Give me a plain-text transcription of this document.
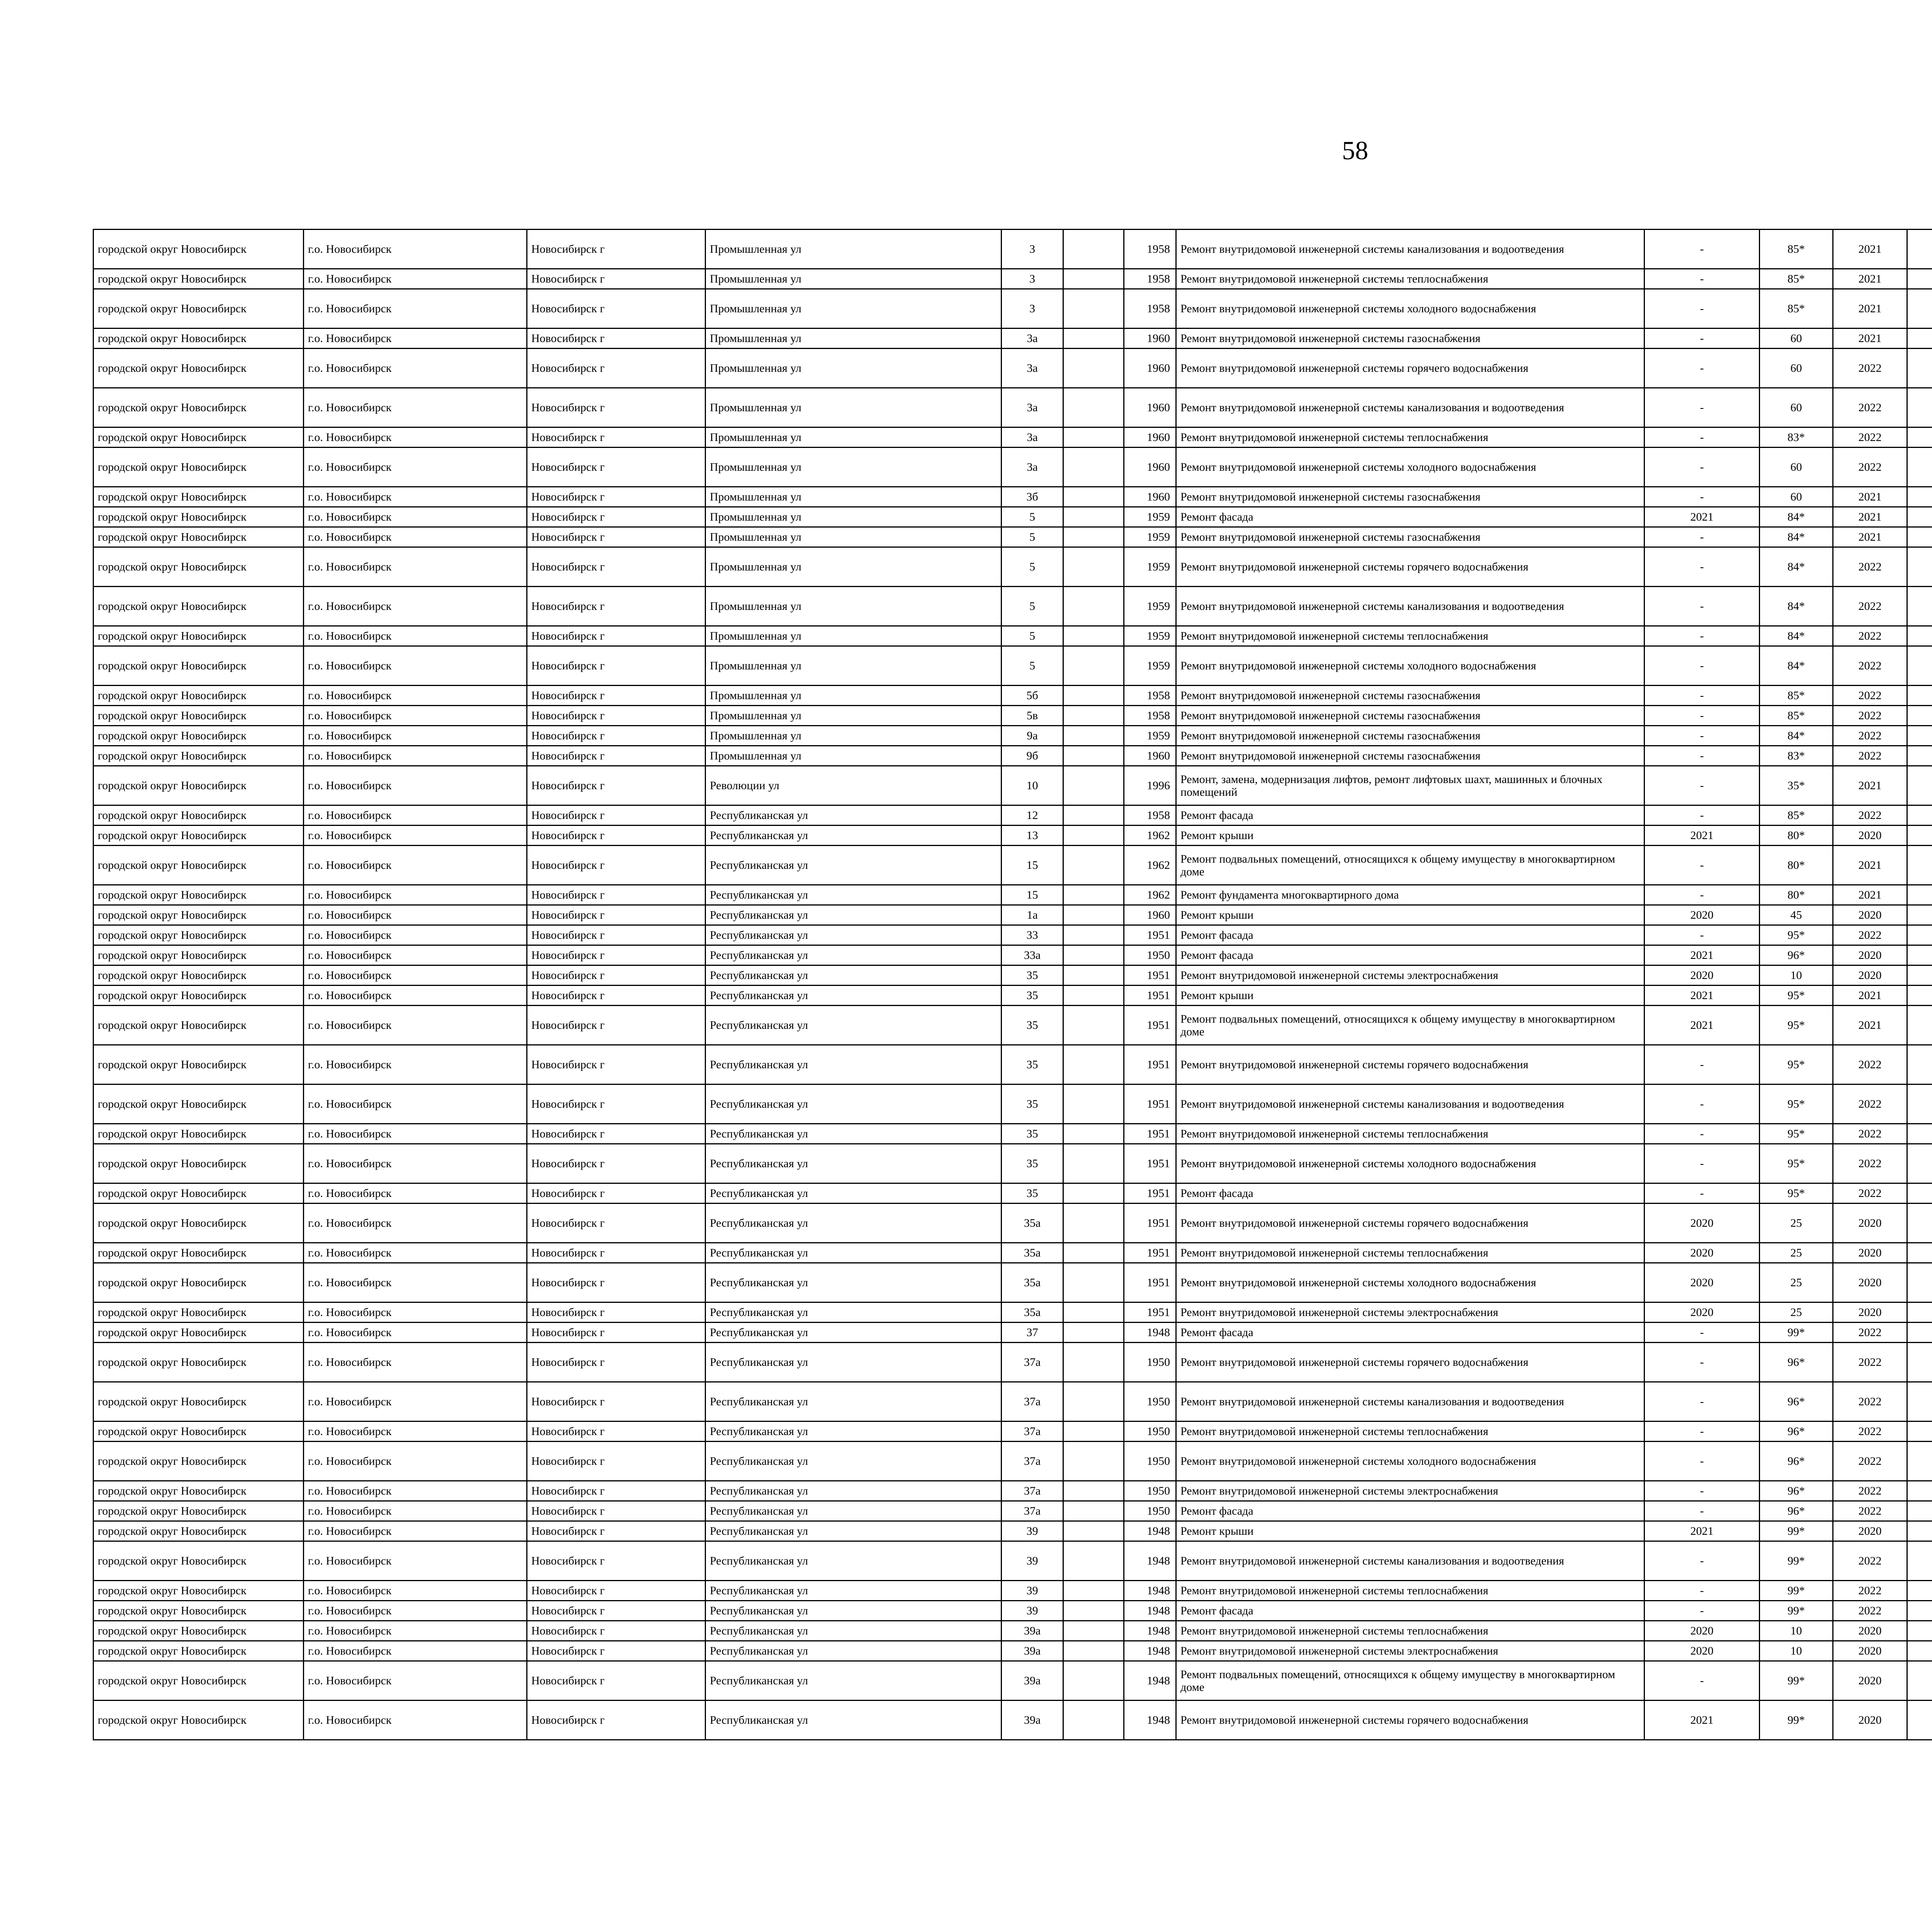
58
городской округ Новосибирск	г.о. Новосибирск	Новосибирск г	Промышленная ул	3		1958	Ремонт внутридомовой инженерной системы канализования и водоотведения	-	85*	2021						
городской округ Новосибирск	г.о. Новосибирск	Новосибирск г	Промышленная ул	3		1958	Ремонт внутридомовой инженерной системы теплоснабжения	-	85*	2021						
городской округ Новосибирск	г.о. Новосибирск	Новосибирск г	Промышленная ул	3		1958	Ремонт внутридомовой инженерной системы холодного водоснабжения	-	85*	2021						
городской округ Новосибирск	г.о. Новосибирск	Новосибирск г	Промышленная ул	3а		1960	Ремонт внутридомовой инженерной системы газоснабжения	-	60	2021						
городской округ Новосибирск	г.о. Новосибирск	Новосибирск г	Промышленная ул	3а		1960	Ремонт внутридомовой инженерной системы горячего водоснабжения	-	60	2022						
городской округ Новосибирск	г.о. Новосибирск	Новосибирск г	Промышленная ул	3а		1960	Ремонт внутридомовой инженерной системы канализования и водоотведения	-	60	2022						
городской округ Новосибирск	г.о. Новосибирск	Новосибирск г	Промышленная ул	3а		1960	Ремонт внутридомовой инженерной системы теплоснабжения	-	83*	2022						
городской округ Новосибирск	г.о. Новосибирск	Новосибирск г	Промышленная ул	3а		1960	Ремонт внутридомовой инженерной системы холодного водоснабжения	-	60	2022						
городской округ Новосибирск	г.о. Новосибирск	Новосибирск г	Промышленная ул	3б		1960	Ремонт внутридомовой инженерной системы газоснабжения	-	60	2021						
городской округ Новосибирск	г.о. Новосибирск	Новосибирск г	Промышленная ул	5		1959	Ремонт фасада	2021	84*	2021						
городской округ Новосибирск	г.о. Новосибирск	Новосибирск г	Промышленная ул	5		1959	Ремонт внутридомовой инженерной системы газоснабжения	-	84*	2021						
городской округ Новосибирск	г.о. Новосибирск	Новосибирск г	Промышленная ул	5		1959	Ремонт внутридомовой инженерной системы горячего водоснабжения	-	84*	2022						
городской округ Новосибирск	г.о. Новосибирск	Новосибирск г	Промышленная ул	5		1959	Ремонт внутридомовой инженерной системы канализования и водоотведения	-	84*	2022						
городской округ Новосибирск	г.о. Новосибирск	Новосибирск г	Промышленная ул	5		1959	Ремонт внутридомовой инженерной системы теплоснабжения	-	84*	2022						
городской округ Новосибирск	г.о. Новосибирск	Новосибирск г	Промышленная ул	5		1959	Ремонт внутридомовой инженерной системы холодного водоснабжения	-	84*	2022						
городской округ Новосибирск	г.о. Новосибирск	Новосибирск г	Промышленная ул	5б		1958	Ремонт внутридомовой инженерной системы газоснабжения	-	85*	2022						
городской округ Новосибирск	г.о. Новосибирск	Новосибирск г	Промышленная ул	5в		1958	Ремонт внутридомовой инженерной системы газоснабжения	-	85*	2022						
городской округ Новосибирск	г.о. Новосибирск	Новосибирск г	Промышленная ул	9а		1959	Ремонт внутридомовой инженерной системы газоснабжения	-	84*	2022						
городской округ Новосибирск	г.о. Новосибирск	Новосибирск г	Промышленная ул	9б		1960	Ремонт внутридомовой инженерной системы газоснабжения	-	83*	2022						
городской округ Новосибирск	г.о. Новосибирск	Новосибирск г	Революции ул	10		1996	Ремонт, замена, модернизация лифтов, ремонт лифтовых шахт, машинных и блочных помещений	-	35*	2021						
городской округ Новосибирск	г.о. Новосибирск	Новосибирск г	Республиканская ул	12		1958	Ремонт фасада	-	85*	2022						
городской округ Новосибирск	г.о. Новосибирск	Новосибирск г	Республиканская ул	13		1962	Ремонт крыши	2021	80*	2020						
городской округ Новосибирск	г.о. Новосибирск	Новосибирск г	Республиканская ул	15		1962	Ремонт подвальных помещений, относящихся к общему имуществу в многоквартирном доме	-	80*	2021						
городской округ Новосибирск	г.о. Новосибирск	Новосибирск г	Республиканская ул	15		1962	Ремонт фундамента многоквартирного дома	-	80*	2021						
городской округ Новосибирск	г.о. Новосибирск	Новосибирск г	Республиканская ул	1а		1960	Ремонт крыши	2020	45	2020						
городской округ Новосибирск	г.о. Новосибирск	Новосибирск г	Республиканская ул	33		1951	Ремонт фасада	-	95*	2022						
городской округ Новосибирск	г.о. Новосибирск	Новосибирск г	Республиканская ул	33а		1950	Ремонт фасада	2021	96*	2020						
городской округ Новосибирск	г.о. Новосибирск	Новосибирск г	Республиканская ул	35		1951	Ремонт внутридомовой инженерной системы электроснабжения	2020	10	2020						
городской округ Новосибирск	г.о. Новосибирск	Новосибирск г	Республиканская ул	35		1951	Ремонт крыши	2021	95*	2021						
городской округ Новосибирск	г.о. Новосибирск	Новосибирск г	Республиканская ул	35		1951	Ремонт подвальных помещений, относящихся к общему имуществу в многоквартирном доме	2021	95*	2021						
городской округ Новосибирск	г.о. Новосибирск	Новосибирск г	Республиканская ул	35		1951	Ремонт внутридомовой инженерной системы горячего водоснабжения	-	95*	2022						
городской округ Новосибирск	г.о. Новосибирск	Новосибирск г	Республиканская ул	35		1951	Ремонт внутридомовой инженерной системы канализования и водоотведения	-	95*	2022						
городской округ Новосибирск	г.о. Новосибирск	Новосибирск г	Республиканская ул	35		1951	Ремонт внутридомовой инженерной системы теплоснабжения	-	95*	2022						
городской округ Новосибирск	г.о. Новосибирск	Новосибирск г	Республиканская ул	35		1951	Ремонт внутридомовой инженерной системы холодного водоснабжения	-	95*	2022						
городской округ Новосибирск	г.о. Новосибирск	Новосибирск г	Республиканская ул	35		1951	Ремонт фасада	-	95*	2022						
городской округ Новосибирск	г.о. Новосибирск	Новосибирск г	Республиканская ул	35а		1951	Ремонт внутридомовой инженерной системы горячего водоснабжения	2020	25	2020						
городской округ Новосибирск	г.о. Новосибирск	Новосибирск г	Республиканская ул	35а		1951	Ремонт внутридомовой инженерной системы теплоснабжения	2020	25	2020						
городской округ Новосибирск	г.о. Новосибирск	Новосибирск г	Республиканская ул	35а		1951	Ремонт внутридомовой инженерной системы холодного водоснабжения	2020	25	2020						
городской округ Новосибирск	г.о. Новосибирск	Новосибирск г	Республиканская ул	35а		1951	Ремонт внутридомовой инженерной системы электроснабжения	2020	25	2020						
городской округ Новосибирск	г.о. Новосибирск	Новосибирск г	Республиканская ул	37		1948	Ремонт фасада	-	99*	2022						
городской округ Новосибирск	г.о. Новосибирск	Новосибирск г	Республиканская ул	37а		1950	Ремонт внутридомовой инженерной системы горячего водоснабжения	-	96*	2022						
городской округ Новосибирск	г.о. Новосибирск	Новосибирск г	Республиканская ул	37а		1950	Ремонт внутридомовой инженерной системы канализования и водоотведения	-	96*	2022						
городской округ Новосибирск	г.о. Новосибирск	Новосибирск г	Республиканская ул	37а		1950	Ремонт внутридомовой инженерной системы теплоснабжения	-	96*	2022						
городской округ Новосибирск	г.о. Новосибирск	Новосибирск г	Республиканская ул	37а		1950	Ремонт внутридомовой инженерной системы холодного водоснабжения	-	96*	2022						
городской округ Новосибирск	г.о. Новосибирск	Новосибирск г	Республиканская ул	37а		1950	Ремонт внутридомовой инженерной системы электроснабжения	-	96*	2022						
городской округ Новосибирск	г.о. Новосибирск	Новосибирск г	Республиканская ул	37а		1950	Ремонт фасада	-	96*	2022						
городской округ Новосибирск	г.о. Новосибирск	Новосибирск г	Республиканская ул	39		1948	Ремонт крыши	2021	99*	2020						
городской округ Новосибирск	г.о. Новосибирск	Новосибирск г	Республиканская ул	39		1948	Ремонт внутридомовой инженерной системы канализования и водоотведения	-	99*	2022						
городской округ Новосибирск	г.о. Новосибирск	Новосибирск г	Республиканская ул	39		1948	Ремонт внутридомовой инженерной системы теплоснабжения	-	99*	2022						
городской округ Новосибирск	г.о. Новосибирск	Новосибирск г	Республиканская ул	39		1948	Ремонт фасада	-	99*	2022						
городской округ Новосибирск	г.о. Новосибирск	Новосибирск г	Республиканская ул	39а		1948	Ремонт внутридомовой инженерной системы теплоснабжения	2020	10	2020						
городской округ Новосибирск	г.о. Новосибирск	Новосибирск г	Республиканская ул	39а		1948	Ремонт внутридомовой инженерной системы электроснабжения	2020	10	2020						
городской округ Новосибирск	г.о. Новосибирск	Новосибирск г	Республиканская ул	39а		1948	Ремонт подвальных помещений, относящихся к общему имуществу в многоквартирном доме	-	99*	2020						
городской округ Новосибирск	г.о. Новосибирск	Новосибирск г	Республиканская ул	39а		1948	Ремонт внутридомовой инженерной системы горячего водоснабжения	2021	99*	2020						
